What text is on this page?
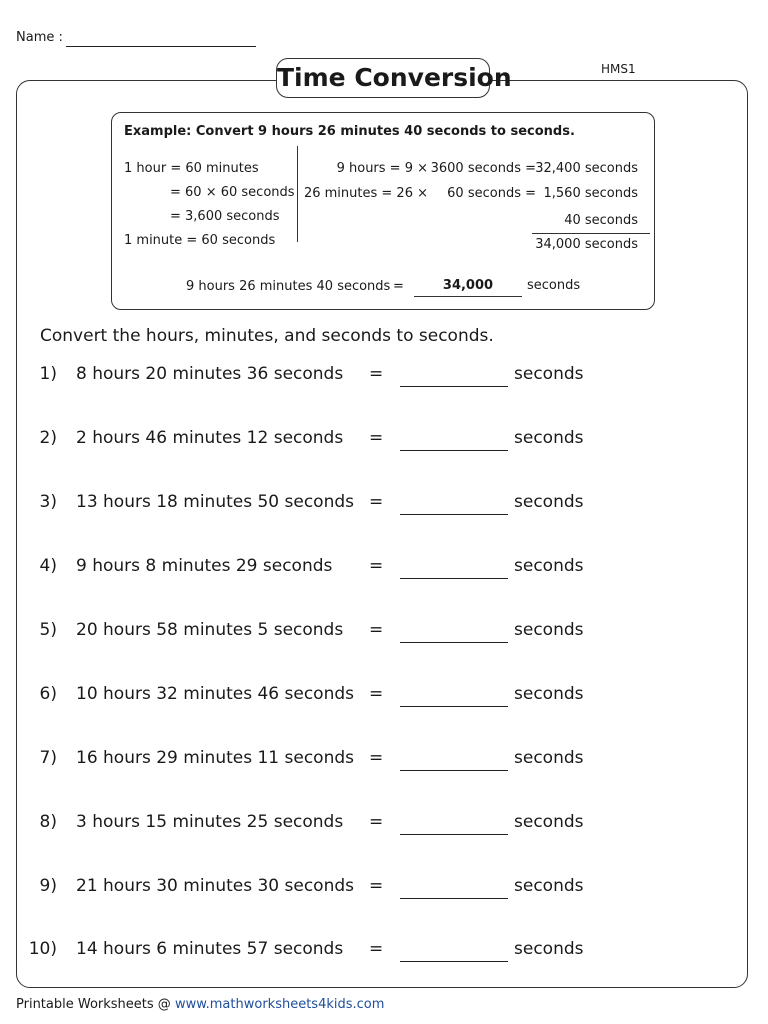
Name :
HMS1
Time Conversion
Example: Convert 9 hours 26 minutes 40 seconds to seconds.
1 hour = 60 minutes
= 60 × 60 seconds
= 3,600 seconds
1 minute = 60 seconds
9 hours = 9 × 3600 seconds = 32,400 seconds
26 minutes = 26 ×	60 seconds = 1,560 seconds
40 seconds
34,000 seconds
9 hours 26 minutes 40 seconds =	34,000	seconds
Convert the hours, minutes, and seconds to seconds.
1) 8 hours 20 minutes 36 seconds =	seconds
2) 2 hours 46 minutes 12 seconds =	seconds
3) 13 hours 18 minutes 50 seconds =	seconds
4) 9 hours 8 minutes 29 seconds =	seconds
5) 20 hours 58 minutes 5 seconds =	seconds
6) 10 hours 32 minutes 46 seconds =	seconds
7) 16 hours 29 minutes 11 seconds =	seconds
8) 3 hours 15 minutes 25 seconds =	seconds
9) 21 hours 30 minutes 30 seconds =	seconds
10) 14 hours 6 minutes 57 seconds =	seconds
Printable Worksheets @ www.mathworksheets4kids.com
